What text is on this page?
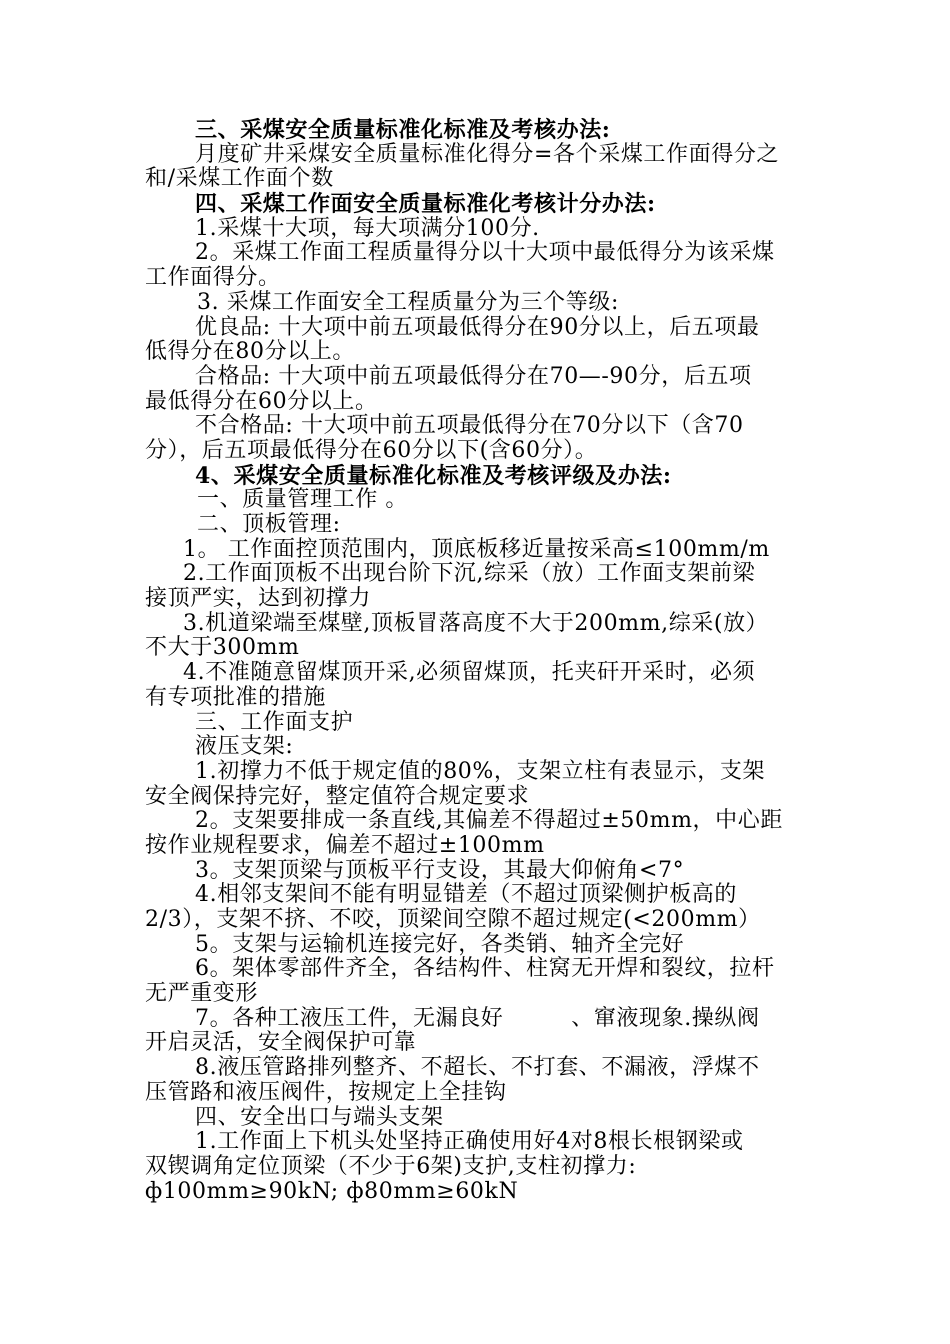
三、采煤安全质量标准化标准及考核办法:
月度矿井采煤安全质量标准化得分=各个采煤工作面得分之
和/采煤工作面个数
四、采煤工作面安全质量标准化考核计分办法:
1.采煤十大项，每大项满分100分.
2。采煤工作面工程质量得分以十大项中最低得分为该采煤
工作面得分。
3. 采煤工作面安全工程质量分为三个等级:
优良品: 十大项中前五项最低得分在90分以上，后五项最
低得分在80分以上。
合格品: 十大项中前五项最低得分在70—-90分，后五项
最低得分在60分以上。
不合格品: 十大项中前五项最低得分在70分以下（含70
分），后五项最低得分在60分以下(含60分）。
4、采煤安全质量标准化标准及考核评级及办法:
一、质量管理工作 。
二、顶板管理:
1。 工作面控顶范围内，顶底板移近量按采高≤100mm/m
2.工作面顶板不出现台阶下沉,综采（放）工作面支架前梁
接顶严实，达到初撑力
3.机道梁端至煤壁,顶板冒落高度不大于200mm,综采(放）
不大于300mm
4.不准随意留煤顶开采,必须留煤顶，托夹矸开采时，必须
有专项批准的措施
三、工作面支护
液压支架:
1.初撑力不低于规定值的80%，支架立柱有表显示，支架
安全阀保持完好，整定值符合规定要求
2。支架要排成一条直线,其偏差不得超过±50mm，中心距
按作业规程要求，偏差不超过±100mm
3。支架顶梁与顶板平行支设，其最大仰俯角<7°
4.相邻支架间不能有明显错差（不超过顶梁侧护板高的
2/3），支架不挤、不咬，顶梁间空隙不超过规定(<200mm）
5。支架与运输机连接完好，各类销、轴齐全完好
6。架体零部件齐全，各结构件、柱窝无开焊和裂纹，拉杆
无严重变形
7。各种工液压工件，无漏良好　　　、窜液现象.操纵阀
开启灵活，安全阀保护可靠
8.液压管路排列整齐、不超长、不打套、不漏液，浮煤不
压管路和液压阀件，按规定上全挂钩
四、安全出口与端头支架
1.工作面上下机头处坚持正确使用好4对8根长根钢梁或
双锲调角定位顶梁（不少于6架)支护,支柱初撑力:
ф100mm≥90kN; ф80mm≥60kN
